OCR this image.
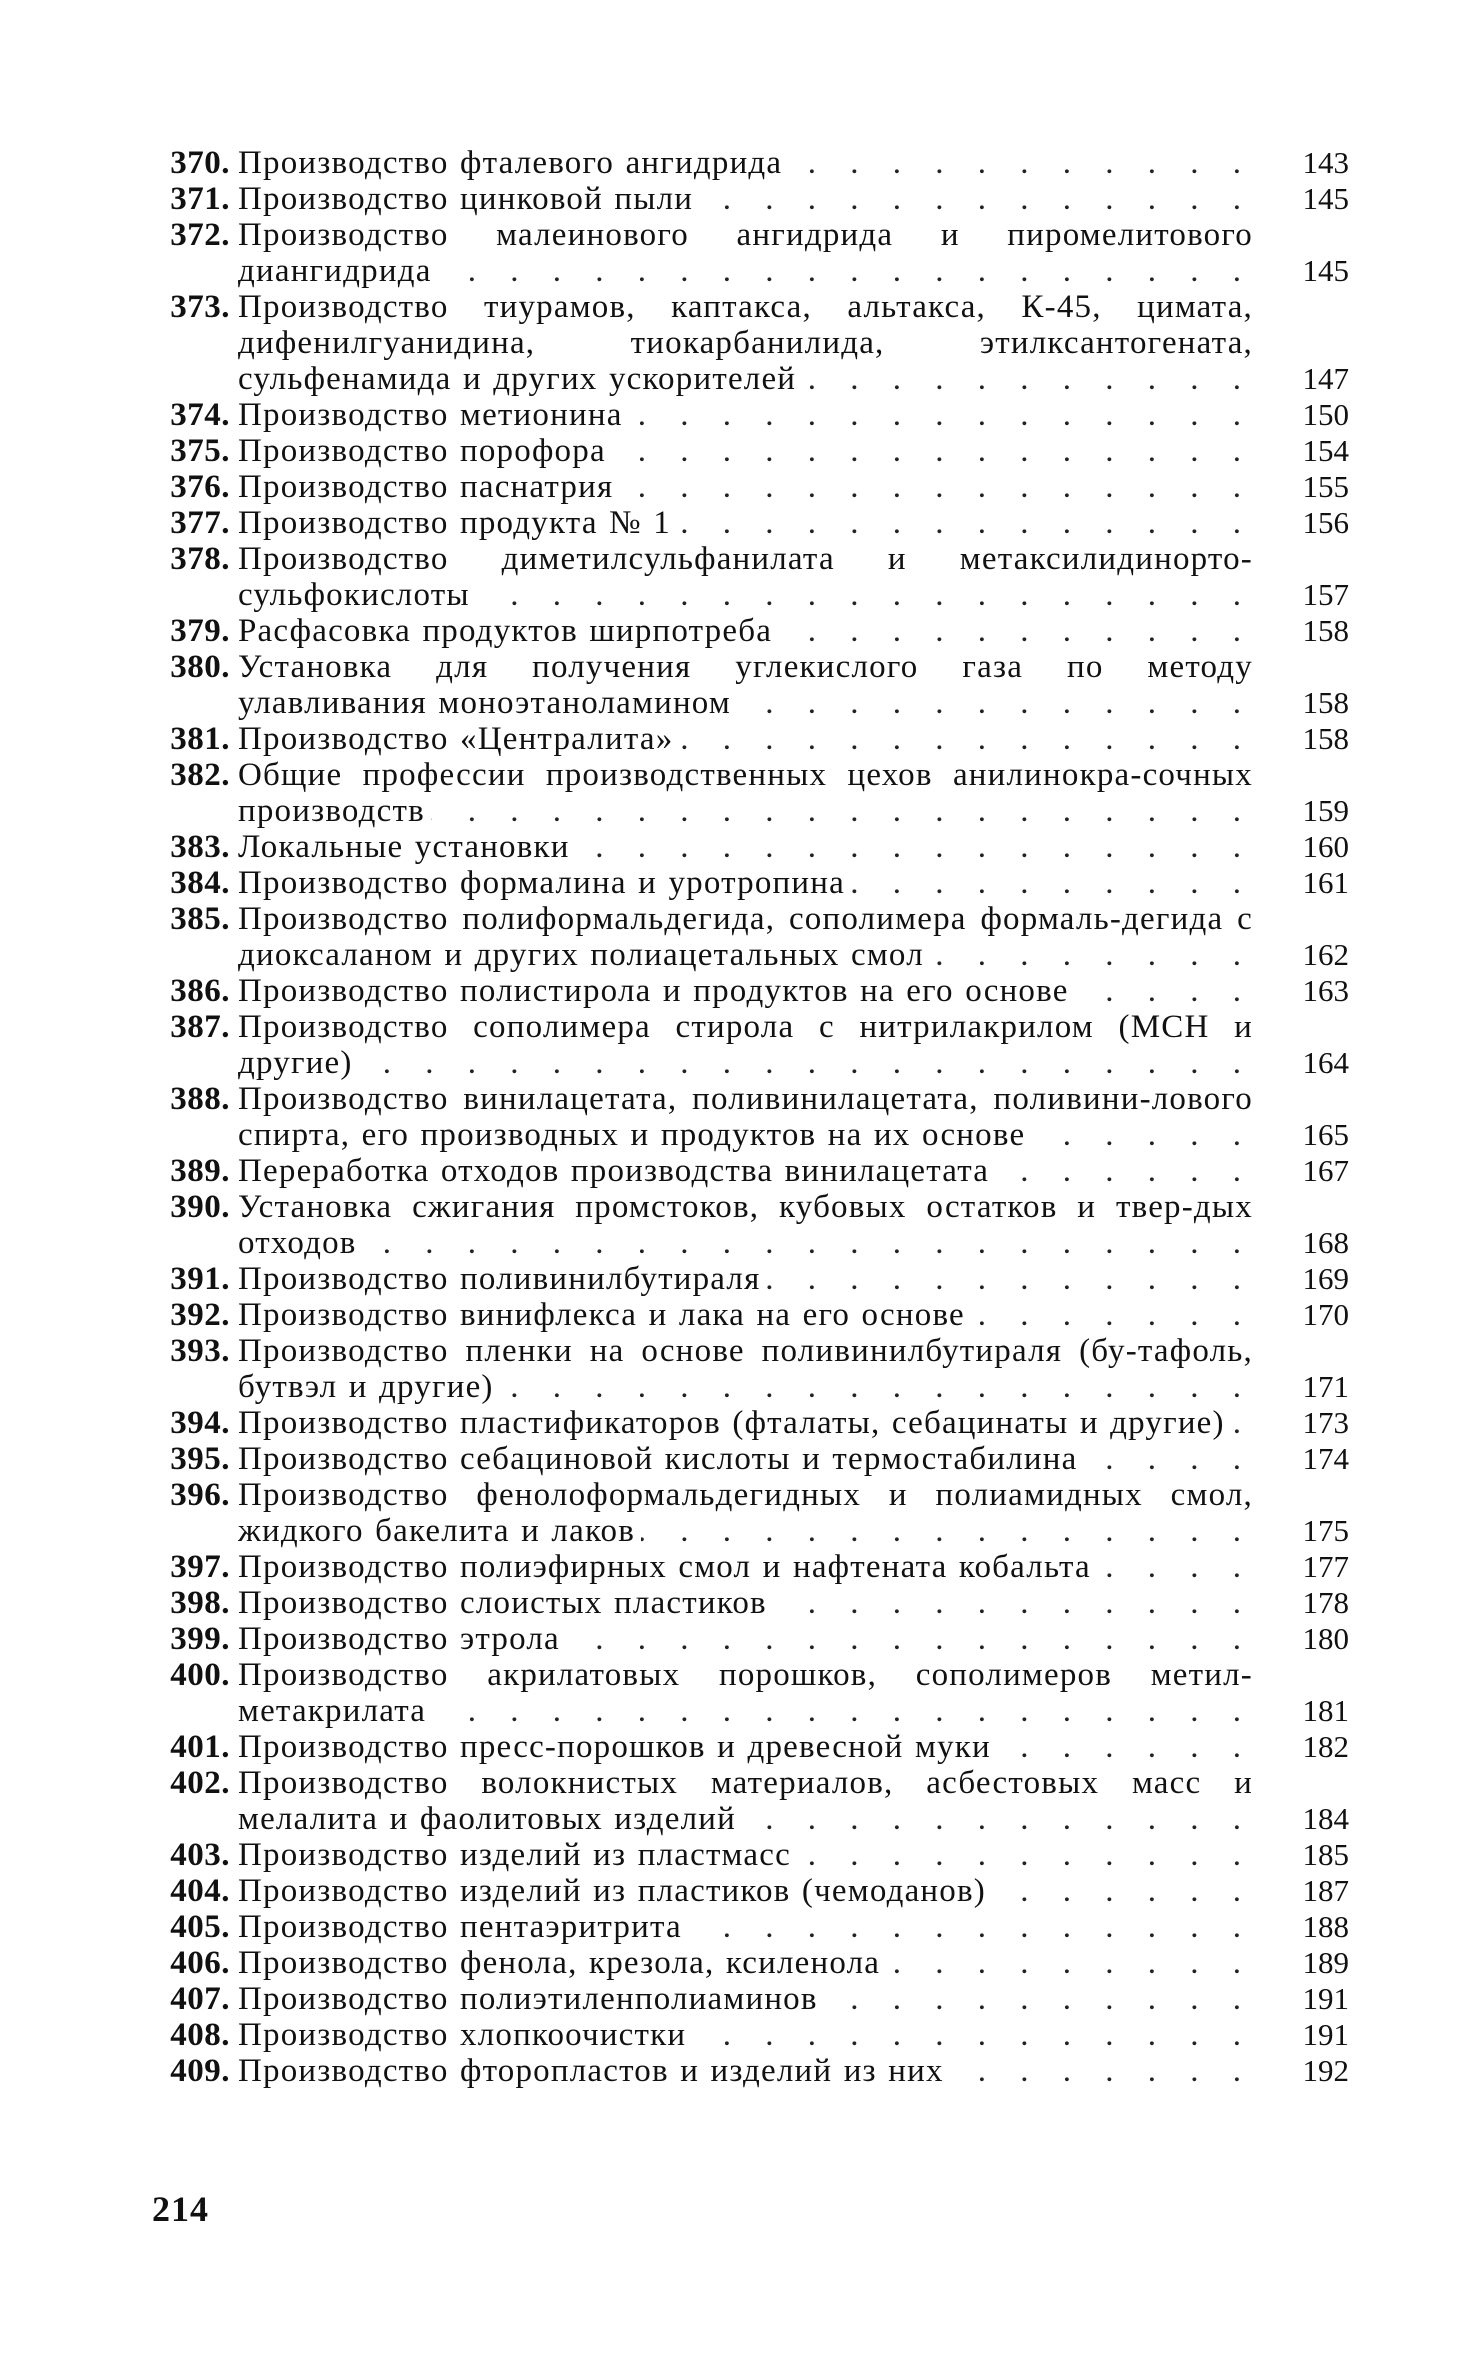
370. Производство фталевого ангидрида . . .	143
371. Производство цинковой пыли . . .	145
372. Производство малеинового ангидрида и пиромелитового диангидрида . . .	145
373. Производство тиурамов, каптакса, альтакса, К-45, цимата, дифенилгуанидина, тиокарбанилида, этилксантогената, сульфенамида и других ускорителей . . .	147
374. Производство метионина . . .	150
375. Производство порофора . . .	154
376. Производство паснатрия . . .	155
377. Производство продукта № 1 . . .	156
378. Производство диметилсульфанилата и метаксилидинорто-сульфокислоты . . .	157
379. Расфасовка продуктов ширпотреба . . .	158
380. Установка для получения углекислого газа по методу улавливания моноэтаноламином . . .	158
381. Производство «Централита» . . .	158
382. Общие профессии производственных цехов анилинокра-сочных производств . . .	159
383. Локальные установки . . .	160
384. Производство формалина и уротропина . . .	161
385. Производство полиформальдегида, сополимера формаль-дегида с диоксаланом и других полиацетальных смол . . .	162
386. Производство полистирола и продуктов на его основе . . .	163
387. Производство сополимера стирола с нитрилакрилом (МСН и другие) . . .	164
388. Производство винилацетата, поливинилацетата, поливини-лового спирта, его производных и продуктов на их основе . . .	165
389. Переработка отходов производства винилацетата . . .	167
390. Установка сжигания промстоков, кубовых остатков и твер-дых отходов . . .	168
391. Производство поливинилбутираля . . .	169
392. Производство винифлекса и лака на его основе . . .	170
393. Производство пленки на основе поливинилбутираля (бу-тафоль, бутвэл и другие) . . .	171
394. Производство пластификаторов (фталаты, себацинаты и другие) . . .	173
395. Производство себациновой кислоты и термостабилина . . .	174
396. Производство фенолоформальдегидных и полиамидных смол, жидкого бакелита и лаков . . .	175
397. Производство полиэфирных смол и нафтената кобальта . . .	177
398. Производство слоистых пластиков . . .	178
399. Производство этрола . . .	180
400. Производство акрилатовых порошков, сополимеров метил-метакрилата . . .	181
401. Производство пресс-порошков и древесной муки . . .	182
402. Производство волокнистых материалов, асбестовых масс и мелалита и фаолитовых изделий . . .	184
403. Производство изделий из пластмасс . . .	185
404. Производство изделий из пластиков (чемоданов) . . .	187
405. Производство пентаэритрита . . .	188
406. Производство фенола, крезола, ксиленола . . .	189
407. Производство полиэтиленполиаминов . . .	191
408. Производство хлопкоочистки . . .	191
409. Производство фторопластов и изделий из них . . .	192
214
